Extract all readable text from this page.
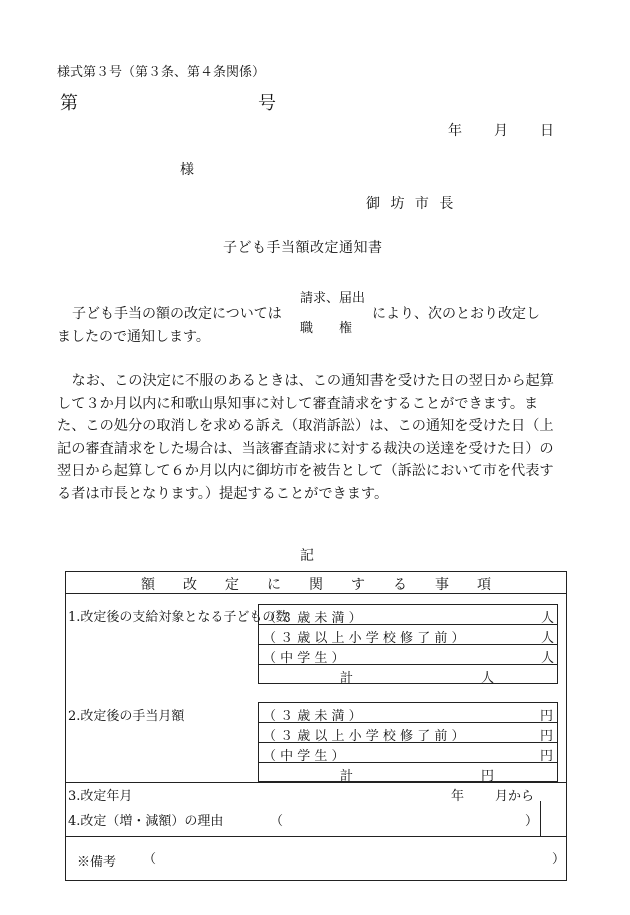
様式第３号（第３条、第４条関係）
第	号
年 月 日
様
御 坊 市 長
子ども手当額改定通知書
子ども手当の額の改定については
請求、届出
職　　権
により、次のとおり改定し
ましたので通知します。
なお、この決定に不服のあるときは、この通知書を受けた日の翌日から起算して３か月以内に和歌山県知事に対して審査請求をすることができます。また、この処分の取消しを求める訴え（取消訴訟）は、この通知を受けた日（上記の審査請求をした場合は、当該審査請求に対する裁決の送達を受けた日）の翌日から起算して６か月以内に御坊市を被告として（訴訟において市を代表する者は市長となります。）提起することができます。
記
額　　改　　定　　に　　関　　す　　る　　事　　項
1.改定後の支給対象となる子どもの数
（ ３ 歳 未 満 ）	人
（ ３ 歳 以 上 小 学 校 修 了 前 ）	人
（ 中 学 生 ）	人
計	人
2.改定後の手当月額	（ ３ 歳 未 満 ）	円
（ ３ 歳 以 上 小 学 校 修 了 前 ）	円
（ 中 学 生 ）	円
計	円
3.改定年月	年 月から
4.改定（増・減額）の理由	（	）
※備考 （	）
